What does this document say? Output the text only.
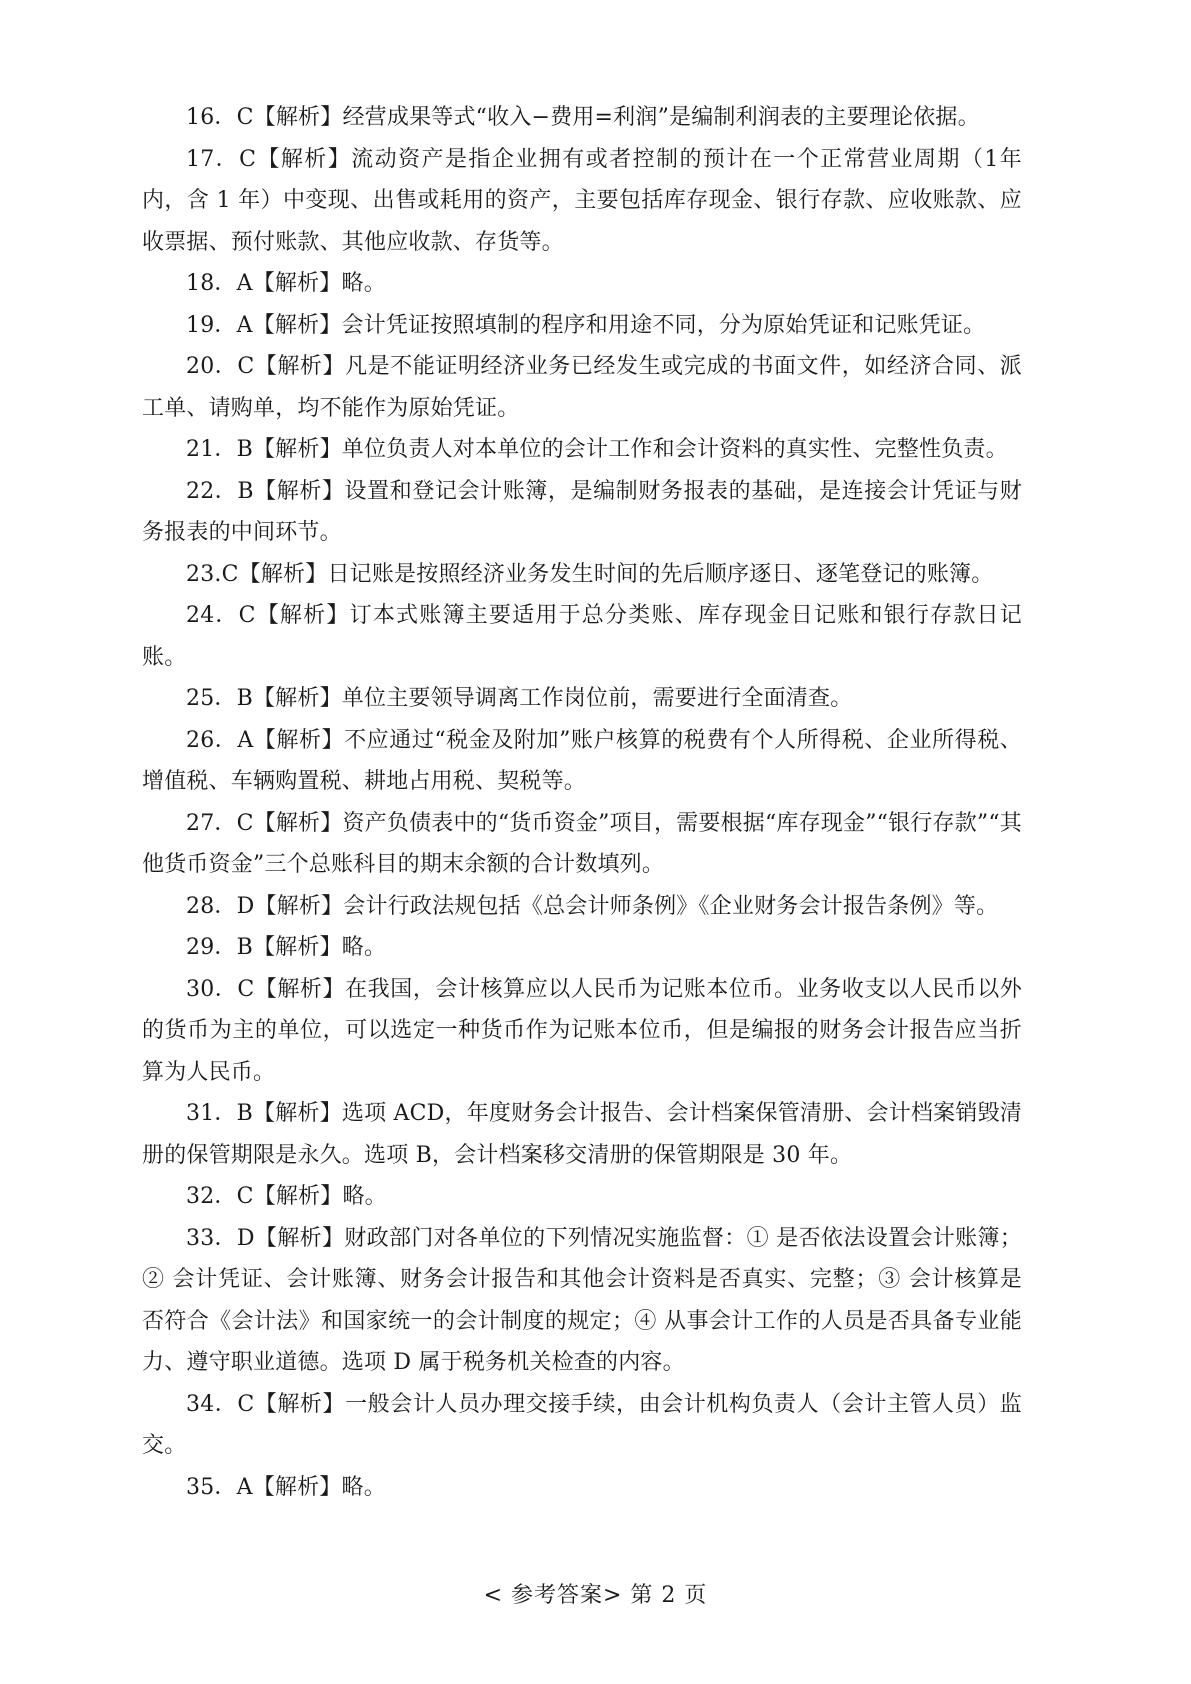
16．C【解析】经营成果等式“收入−费用=利润”是编制利润表的主要理论依据。

17．C【解析】流动资产是指企业拥有或者控制的预计在一个正常营业周期（1年内，含 1 年）中变现、出售或耗用的资产，主要包括库存现金、银行存款、应收账款、应收票据、预付账款、其他应收款、存货等。

18．A【解析】略。

19．A【解析】会计凭证按照填制的程序和用途不同，分为原始凭证和记账凭证。

20．C【解析】凡是不能证明经济业务已经发生或完成的书面文件，如经济合同、派工单、请购单，均不能作为原始凭证。

21．B【解析】单位负责人对本单位的会计工作和会计资料的真实性、完整性负责。

22．B【解析】设置和登记会计账簿，是编制财务报表的基础，是连接会计凭证与财务报表的中间环节。

23.C【解析】日记账是按照经济业务发生时间的先后顺序逐日、逐笔登记的账簿。

24．C【解析】订本式账簿主要适用于总分类账、库存现金日记账和银行存款日记账。

25．B【解析】单位主要领导调离工作岗位前，需要进行全面清查。

26．A【解析】不应通过“税金及附加”账户核算的税费有个人所得税、企业所得税、增值税、车辆购置税、耕地占用税、契税等。

27．C【解析】资产负债表中的“货币资金”项目，需要根据“库存现金”“银行存款”“其他货币资金”三个总账科目的期末余额的合计数填列。

28．D【解析】会计行政法规包括《总会计师条例》《企业财务会计报告条例》等。

29．B【解析】略。

30．C【解析】在我国，会计核算应以人民币为记账本位币。业务收支以人民币以外的货币为主的单位，可以选定一种货币作为记账本位币，但是编报的财务会计报告应当折算为人民币。

31．B【解析】选项 ACD，年度财务会计报告、会计档案保管清册、会计档案销毁清册的保管期限是永久。选项 B，会计档案移交清册的保管期限是 30 年。

32．C【解析】略。

33．D【解析】财政部门对各单位的下列情况实施监督：① 是否依法设置会计账簿；② 会计凭证、会计账簿、财务会计报告和其他会计资料是否真实、完整；③ 会计核算是否符合《会计法》和国家统一的会计制度的规定；④ 从事会计工作的人员是否具备专业能力、遵守职业道德。选项 D 属于税务机关检查的内容。

34．C【解析】一般会计人员办理交接手续，由会计机构负责人（会计主管人员）监交。

35．A【解析】略。

< 参考答案> 第 2 页
